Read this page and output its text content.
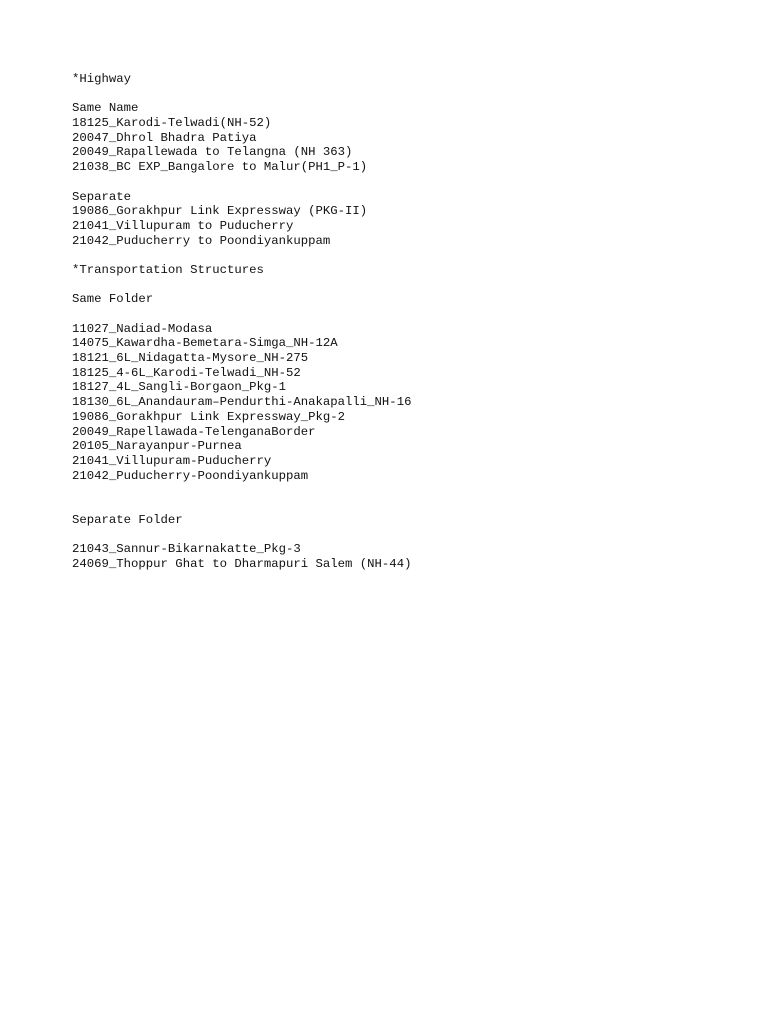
*Highway
Same Name
18125_Karodi-Telwadi(NH-52)
20047_Dhrol Bhadra Patiya
20049_Rapallewada to Telangna (NH 363)
21038_BC EXP_Bangalore to Malur(PH1_P-1)
Separate
19086_Gorakhpur Link Expressway (PKG-II)
21041_Villupuram to Puducherry
21042_Puducherry to Poondiyankuppam
*Transportation Structures
Same Folder
11027_Nadiad-Modasa
14075_Kawardha-Bemetara-Simga_NH-12A
18121_6L_Nidagatta-Mysore_NH-275
18125_4-6L_Karodi-Telwadi_NH-52
18127_4L_Sangli-Borgaon_Pkg-1
18130_6L_Anandauram–Pendurthi-Anakapalli_NH-16
19086_Gorakhpur Link Expressway_Pkg-2
20049_Rapellawada-TelenganaBorder
20105_Narayanpur-Purnea
21041_Villupuram-Puducherry
21042_Puducherry-Poondiyankuppam
Separate Folder
21043_Sannur-Bikarnakatte_Pkg-3
24069_Thoppur Ghat to Dharmapuri Salem (NH-44)
